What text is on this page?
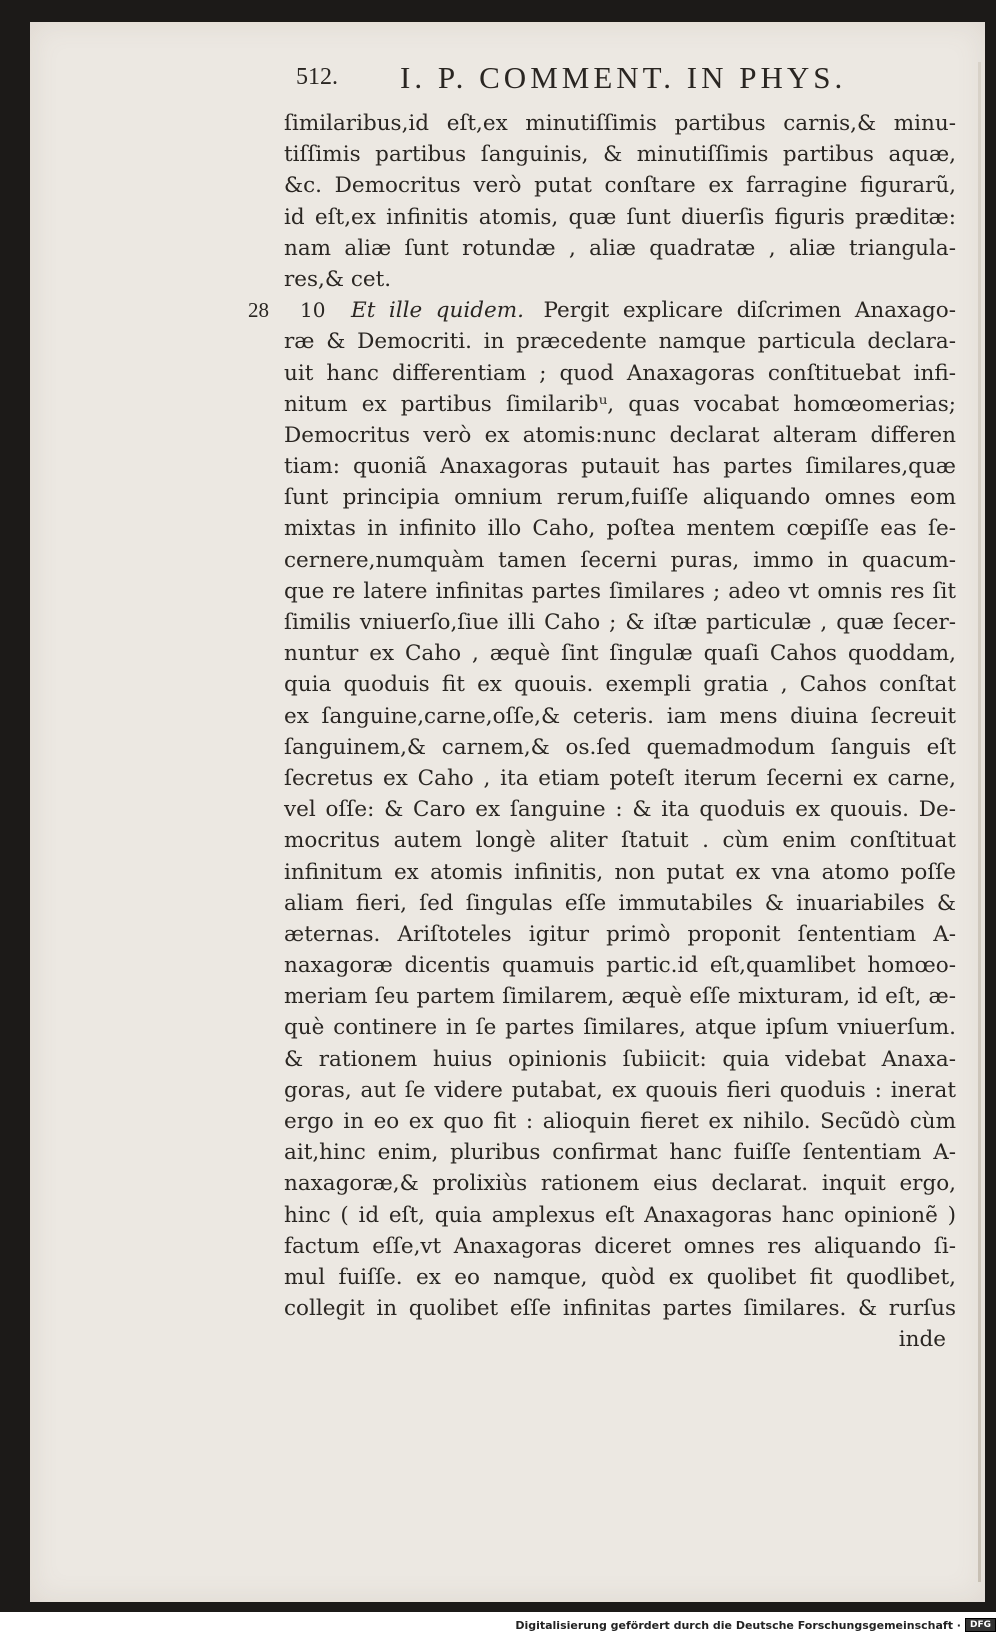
512. I. P. COMMENT. IN PHYS.
ſimilaribus,id eſt,ex minutiſſimis partibus carnis,& minu-
tiſſimis partibus ſanguinis, & minutiſſimis partibus aquæ,
&c. Democritus verò putat conſtare ex farragine figurarũ,
id eſt,ex infinitis atomis, quæ ſunt diuerſis figuris præditæ:
nam aliæ ſunt rotundæ , aliæ quadratæ , aliæ triangula-
res,& cet.
28 10 Et ille quidem. Pergit explicare diſcrimen Anaxago-
ræ & Democriti. in præcedente namque particula declara-
uit hanc differentiam ; quod Anaxagoras conſtituebat infi-
nitum ex partibus ſimilaribᵘ, quas vocabat homœomerias;
Democritus verò ex atomis:nunc declarat alteram differen
tiam: quoniã Anaxagoras putauit has partes ſimilares,quæ
ſunt principia omnium rerum,fuiſſe aliquando omnes eom
mixtas in infinito illo Caho, poſtea mentem cœpiſſe eas ſe-
cernere,numquàm tamen ſecerni puras, immo in quacum-
que re latere infinitas partes ſimilares ; adeo vt omnis res ſit
ſimilis vniuerſo,ſiue illi Caho ; & iſtæ particulæ , quæ ſecer-
nuntur ex Caho , æquè ſint ſingulæ quaſi Cahos quoddam,
quia quoduis fit ex quouis. exempli gratia , Cahos conſtat
ex ſanguine,carne,oſſe,& ceteris. iam mens diuina ſecreuit
ſanguinem,& carnem,& os.ſed quemadmodum ſanguis eſt
ſecretus ex Caho , ita etiam poteſt iterum ſecerni ex carne,
vel oſſe: & Caro ex ſanguine : & ita quoduis ex quouis. De-
mocritus autem longè aliter ſtatuit . cùm enim conſtituat
infinitum ex atomis infinitis, non putat ex vna atomo poſſe
aliam fieri, ſed ſingulas eſſe immutabiles & inuariabiles &
æternas. Ariſtoteles igitur primò proponit ſententiam A-
naxagoræ dicentis quamuis partic.id eſt,quamlibet homœo-
meriam ſeu partem ſimilarem, æquè eſſe mixturam, id eſt, æ-
què continere in ſe partes ſimilares, atque ipſum vniuerſum.
& rationem huius opinionis ſubiicit: quia videbat Anaxa-
goras, aut ſe videre putabat, ex quouis fieri quoduis : inerat
ergo in eo ex quo fit : alioquin fieret ex nihilo. Secũdò cùm
ait,hinc enim, pluribus confirmat hanc fuiſſe ſententiam A-
naxagoræ,& prolixiùs rationem eius declarat. inquit ergo,
hinc ( id eſt, quia amplexus eſt Anaxagoras hanc opinionẽ )
factum eſſe,vt Anaxagoras diceret omnes res aliquando ſi-
mul fuiſſe. ex eo namque, quòd ex quolibet fit quodlibet,
collegit in quolibet eſſe infinitas partes ſimilares. & rurſus
inde
Digitalisierung gefördert durch die Deutsche Forschungsgemeinschaft ·	DFG
